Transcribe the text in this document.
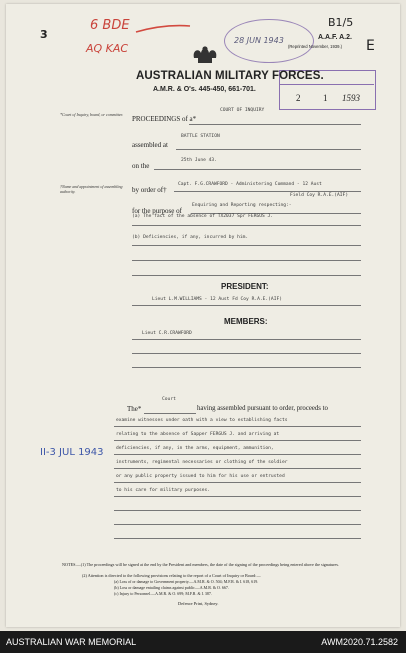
3
6 BDE
AQ KAC
B1/5
E
28 JUN 1943
2	1 1593
A.A.F. A.2.
(Reprinted November, 1939.)
AUSTRALIAN MILITARY FORCES.
A.M.R. & O's. 445-450, 661-701.
*Court of Inquiry, board, or committee.
PROCEEDINGS of a*
COURT OF INQUIRY
BATTLE STATION
assembled at
on the
25th June 43.
†Name and appointment of assembling authority.	by order of†
Capt. F.G.CRAWFORD - Administering Command - 12 Aust
Field Coy R.A.E.(AIF)
for the purpose of
Enquiring and Reporting respecting:-
(a) The fact of the absence of TX2037 Spr FERGUS J.
(b) Deficiencies, if any, incurred by him.
PRESIDENT:
Lieut L.M.WILLIAMS - 12 Aust Fd Coy R.A.E.(AIF)
MEMBERS:
Lieut C.R.CRAWFORD
Court
The*	having assembled pursuant to order, proceeds to
examine witnesses under oath with a view to establishing facts
relating to the absence of Sapper FERGUS J. and arriving at
deficiencies, if any, in the arms, equipment, ammunition,
instruments, regimental necessaries or clothing of the soldier
or any public property issued to him for his use or entrusted
to his care for military purposes.
II-3 JUL 1943
NOTES.—(1) The proceedings will be signed at the end by the President and members, the date of the signing of the proceedings being entered above the signatures.
(2) Attention is directed to the following provisions relating to the report of a Court of Inquiry or Board:—
(a) Loss of or damage to Government property.—A.M.R. & O. 504; M.F.R. & I. 618, 619.
(b) Loss or damage entailing claims against public.—A.M.R. & O. 667.
(c) Injury to Personnel.—A.M.R. & O. 699; M.F.R. & I. 387.
Defence Print, Sydney.
AUSTRALIAN WAR MEMORIAL	AWM2020.71.2582
